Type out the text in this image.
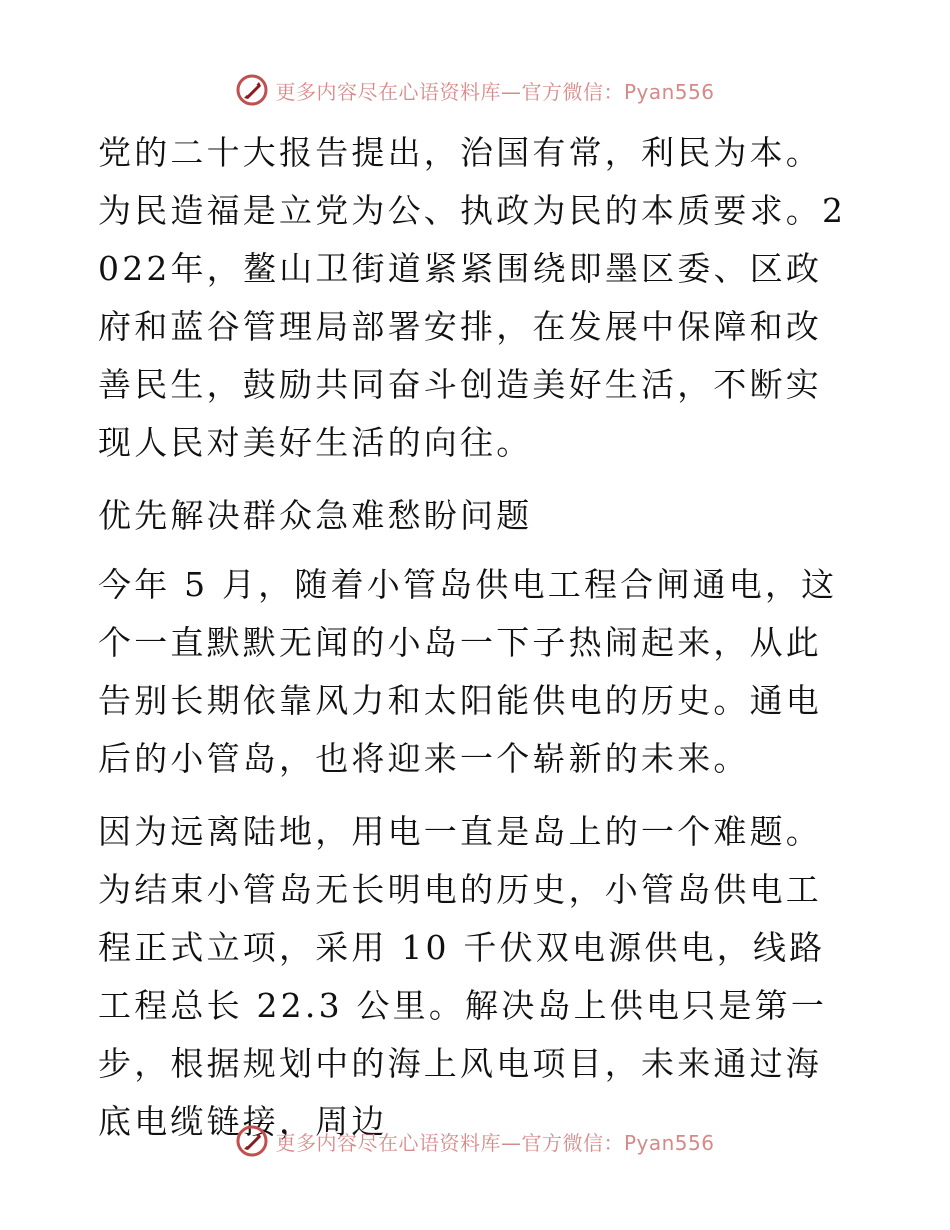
更多内容尽在心语资料库—官方微信：Pyan556

党的二十大报告提出，治国有常，利民为本。为民造福是立党为公、执政为民的本质要求。2022年，鳌山卫街道紧紧围绕即墨区委、区政府和蓝谷管理局部署安排，在发展中保障和改善民生，鼓励共同奋斗创造美好生活，不断实现人民对美好生活的向往。

优先解决群众急难愁盼问题

今年 5 月，随着小管岛供电工程合闸通电，这个一直默默无闻的小岛一下子热闹起来，从此告别长期依靠风力和太阳能供电的历史。通电后的小管岛，也将迎来一个崭新的未来。

因为远离陆地，用电一直是岛上的一个难题。为结束小管岛无长明电的历史，小管岛供电工程正式立项，采用 10 千伏双电源供电，线路工程总长 22.3 公里。解决岛上供电只是第一步，根据规划中的海上风电项目，未来通过海底电缆链接，周边

更多内容尽在心语资料库—官方微信：Pyan556
